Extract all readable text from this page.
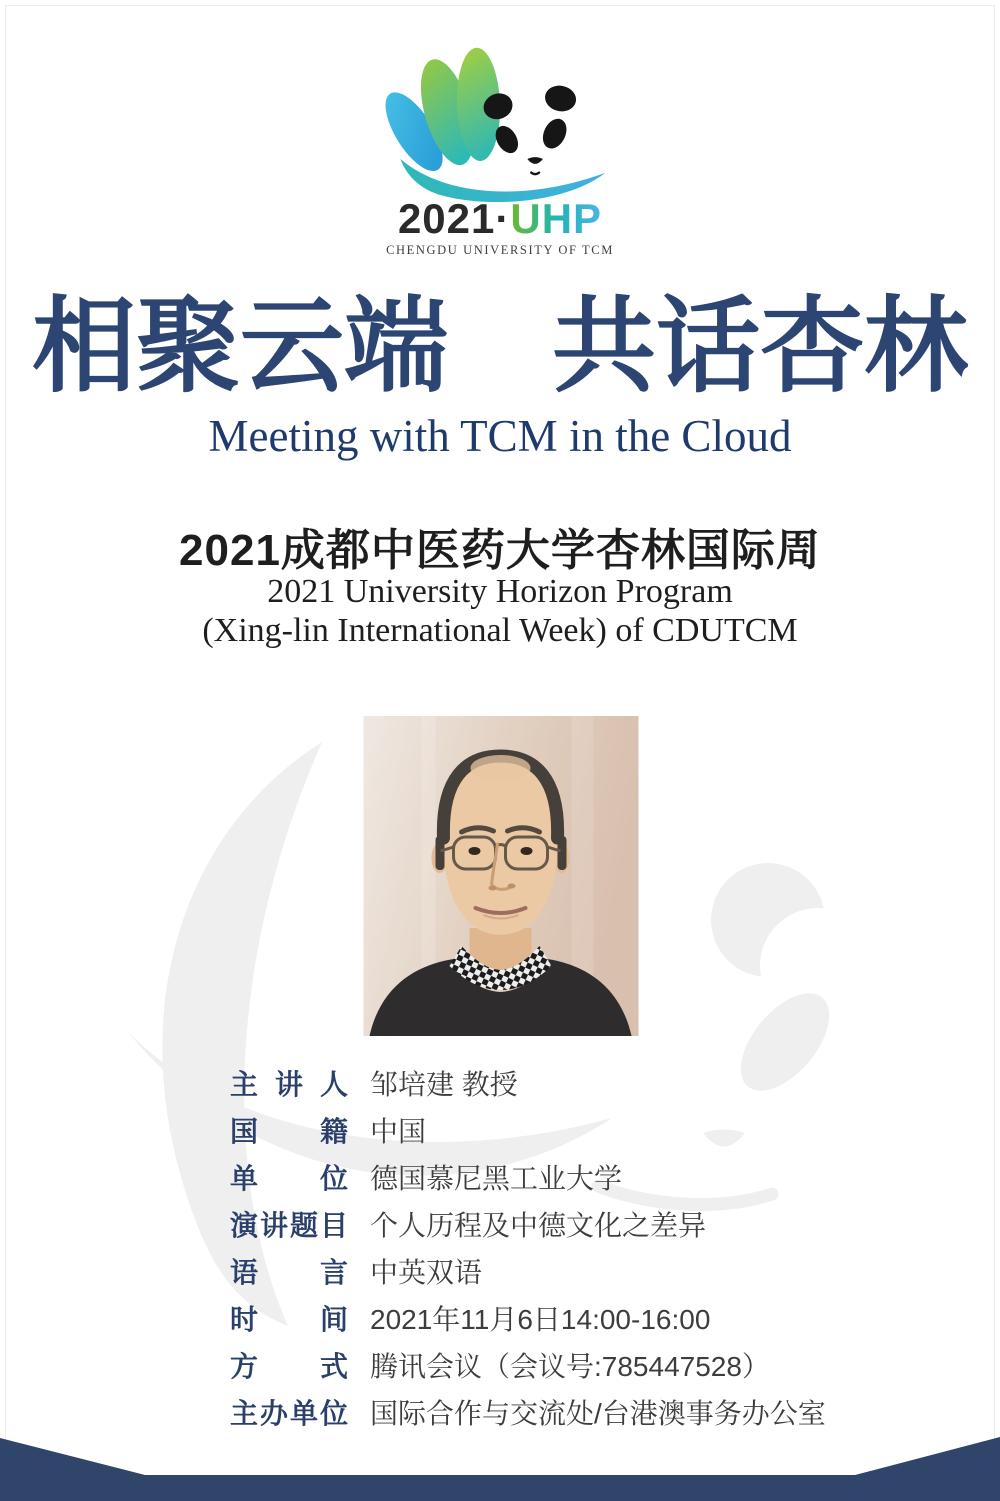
2021·UHP
CHENGDU UNIVERSITY OF TCM
相聚云端　共话杏林
Meeting with TCM in the Cloud
2021成都中医药大学杏林国际周
2021 University Horizon Program
(Xing-lin International Week) of CDUTCM
主讲人 邹培建 教授
国籍 中国
单位 德国慕尼黑工业大学
演讲题目 个人历程及中德文化之差异
语言 中英双语
时间 2021年11月6日14:00-16:00
方式 腾讯会议（会议号:785447528）
主办单位 国际合作与交流处/台港澳事务办公室
